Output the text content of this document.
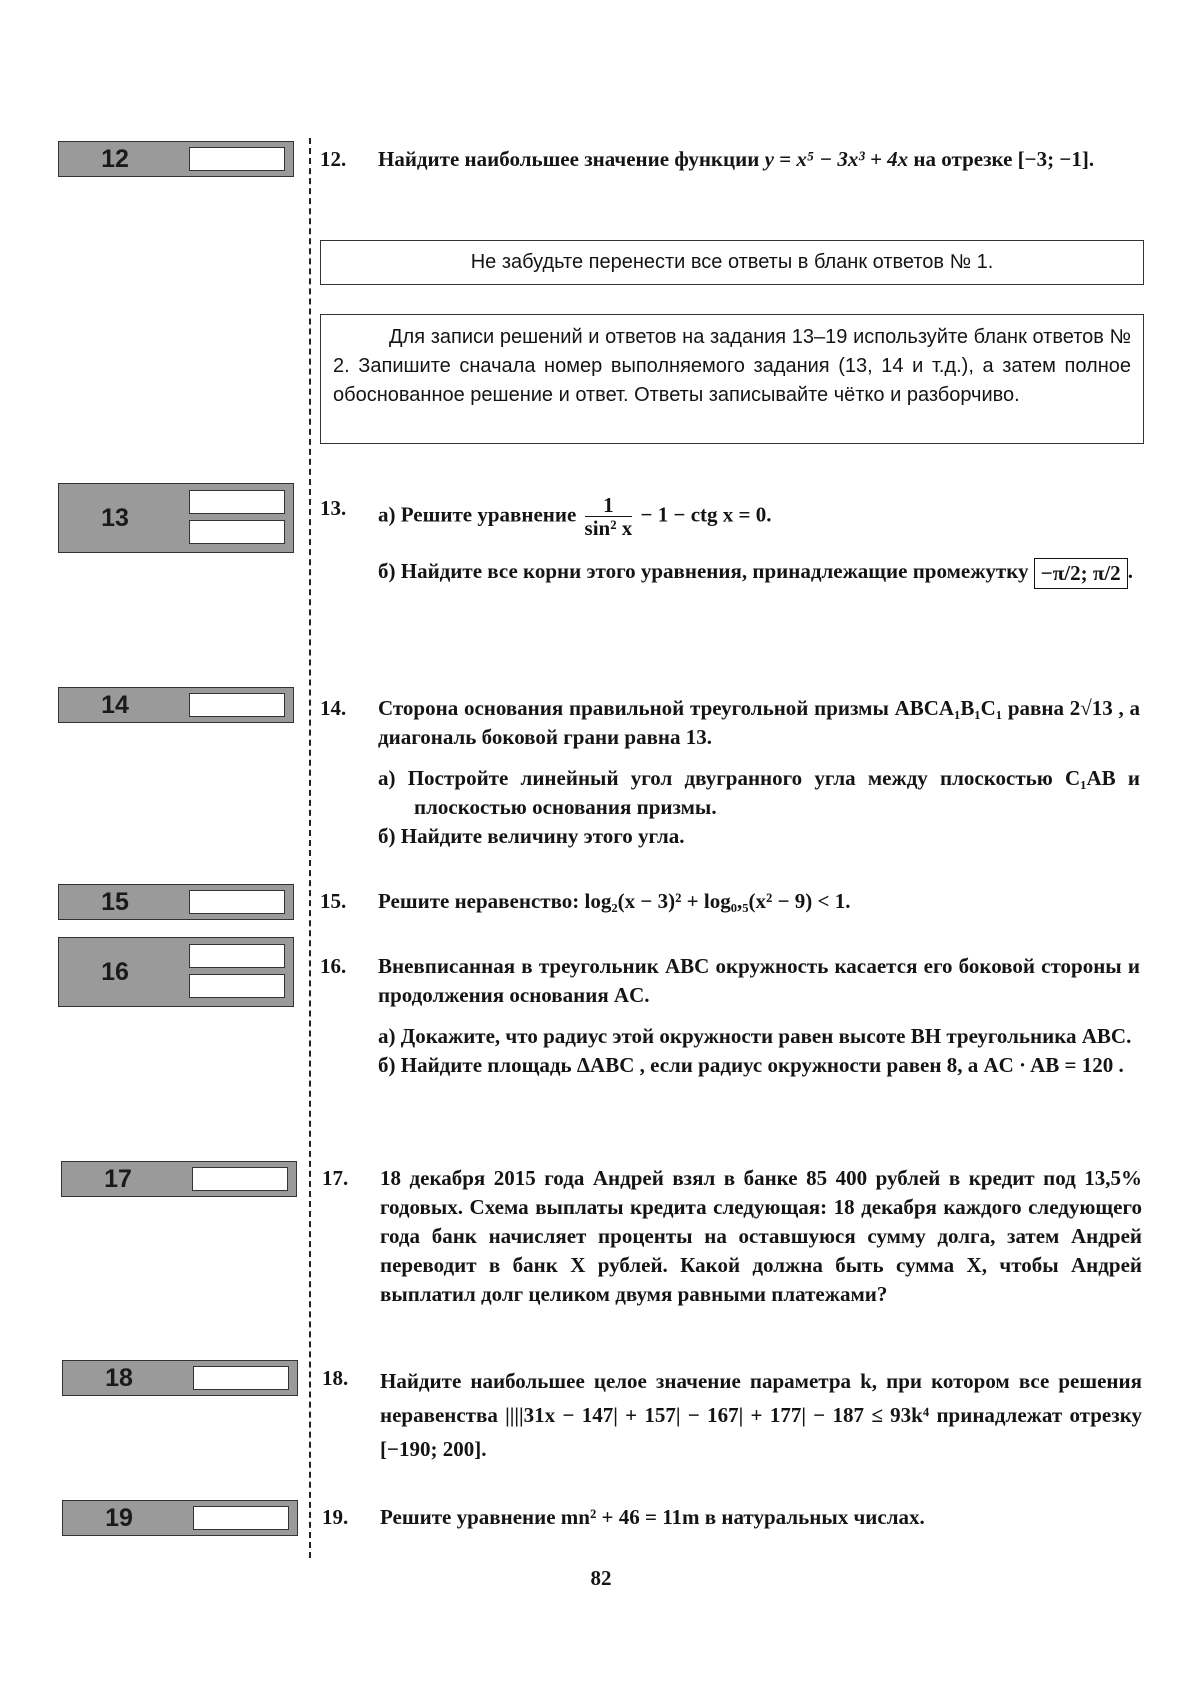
12
13
14
15
16
17
18
19
12. Найдите наибольшее значение функции y = x⁵ − 3x³ + 4x на отрезке [−3; −1].
Не забудьте перенести все ответы в бланк ответов № 1.
Для записи решений и ответов на задания 13–19 используйте бланк ответов № 2. Запишите сначала номер выполняемого задания (13, 14 и т.д.), а затем полное обоснованное решение и ответ. Ответы записывайте чётко и разборчиво.
13. а) Решите уравнение $\frac{1}{\text{sin² x}} - 1$ − ctg x = 0.
б) Найдите все корни этого уравнения, принадлежащие промежутку −π/2; π/2 .
14. Сторона основания правильной треугольной призмы ABCA₁B₁C₁ равна 2√13 , а диагональ боковой грани равна 13.
а) Постройте линейный угол двугранного угла между плоскостью C₁AB и плоскостью основания призмы.
б) Найдите величину этого угла.
15. Решите неравенство: log₂(x − 3)² + log₀,₅(x² − 9) < 1.
16. Вневписанная в треугольник ABC окружность касается его боковой стороны и продолжения основания AC.
а) Докажите, что радиус этой окружности равен высоте BH треугольника ABC.
б) Найдите площадь ΔABC , если радиус окружности равен 8, а AC · AB = 120 .
17. 18 декабря 2015 года Андрей взял в банке 85 400 рублей в кредит под 13,5% годовых. Схема выплаты кредита следующая: 18 декабря каждого следующего года банк начисляет проценты на оставшуюся сумму долга, затем Андрей переводит в банк X рублей. Какой должна быть сумма X, чтобы Андрей выплатил долг целиком двумя равными платежами?
18. Найдите наибольшее целое значение параметра k, при котором все решения неравенства ||||31x − 147| + 157| − 167| + 177| − 187 ≤ 93k⁴ принадлежат отрезку [−190; 200].
19. Решите уравнение mn² + 46 = 11m в натуральных числах.
82
